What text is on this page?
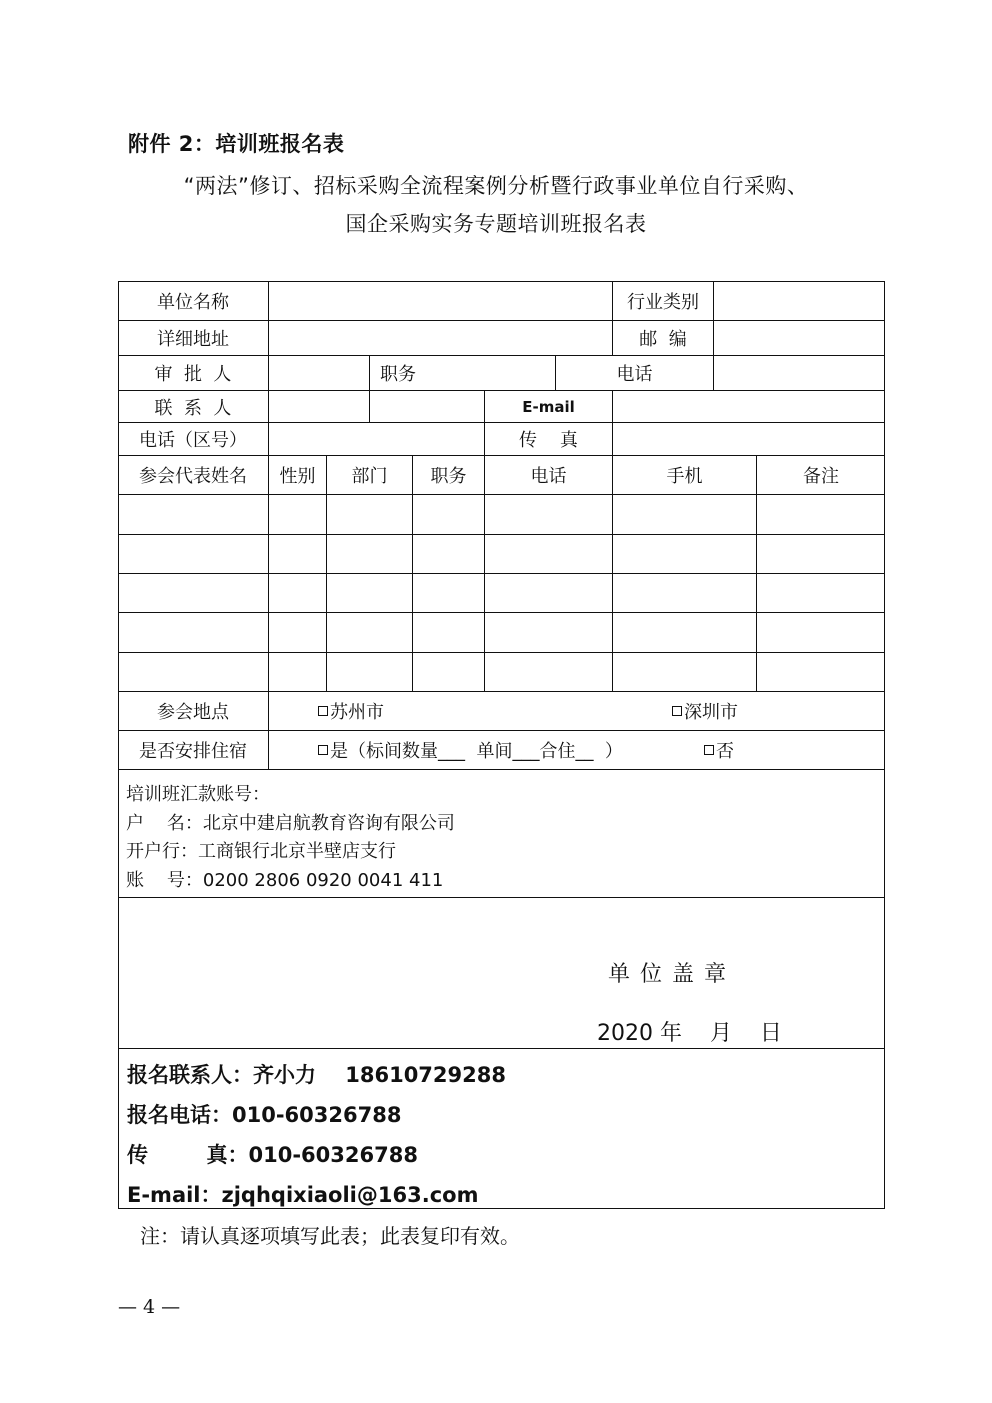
附件 2：培训班报名表
“两法”修订、招标采购全流程案例分析暨行政事业单位自行采购、
国企采购实务专题培训班报名表
单位名称	行业类别
详细地址	邮  编
审  批  人	职务	电话
联  系  人	E-mail
电话（区号）	传    真
参会代表姓名	性别	部门	职务	电话	手机	备注
参会地点	苏州市	深圳市
是否安排住宿	是（标间数量___  单间___合住__  ）	否
培训班汇款账号：
户    名：北京中建启航教育咨询有限公司
开户行：工商银行北京半壁店支行
账    号：0200 2806 0920 0041 411
单位盖章
2020 年    月    日
报名联系人：齐小力    18610729288
报名电话：010-60326788
传        真：010-60326788
E-mail：zjqhqixiaoli@163.com
注：请认真逐项填写此表；此表复印有效。
— 4 —
